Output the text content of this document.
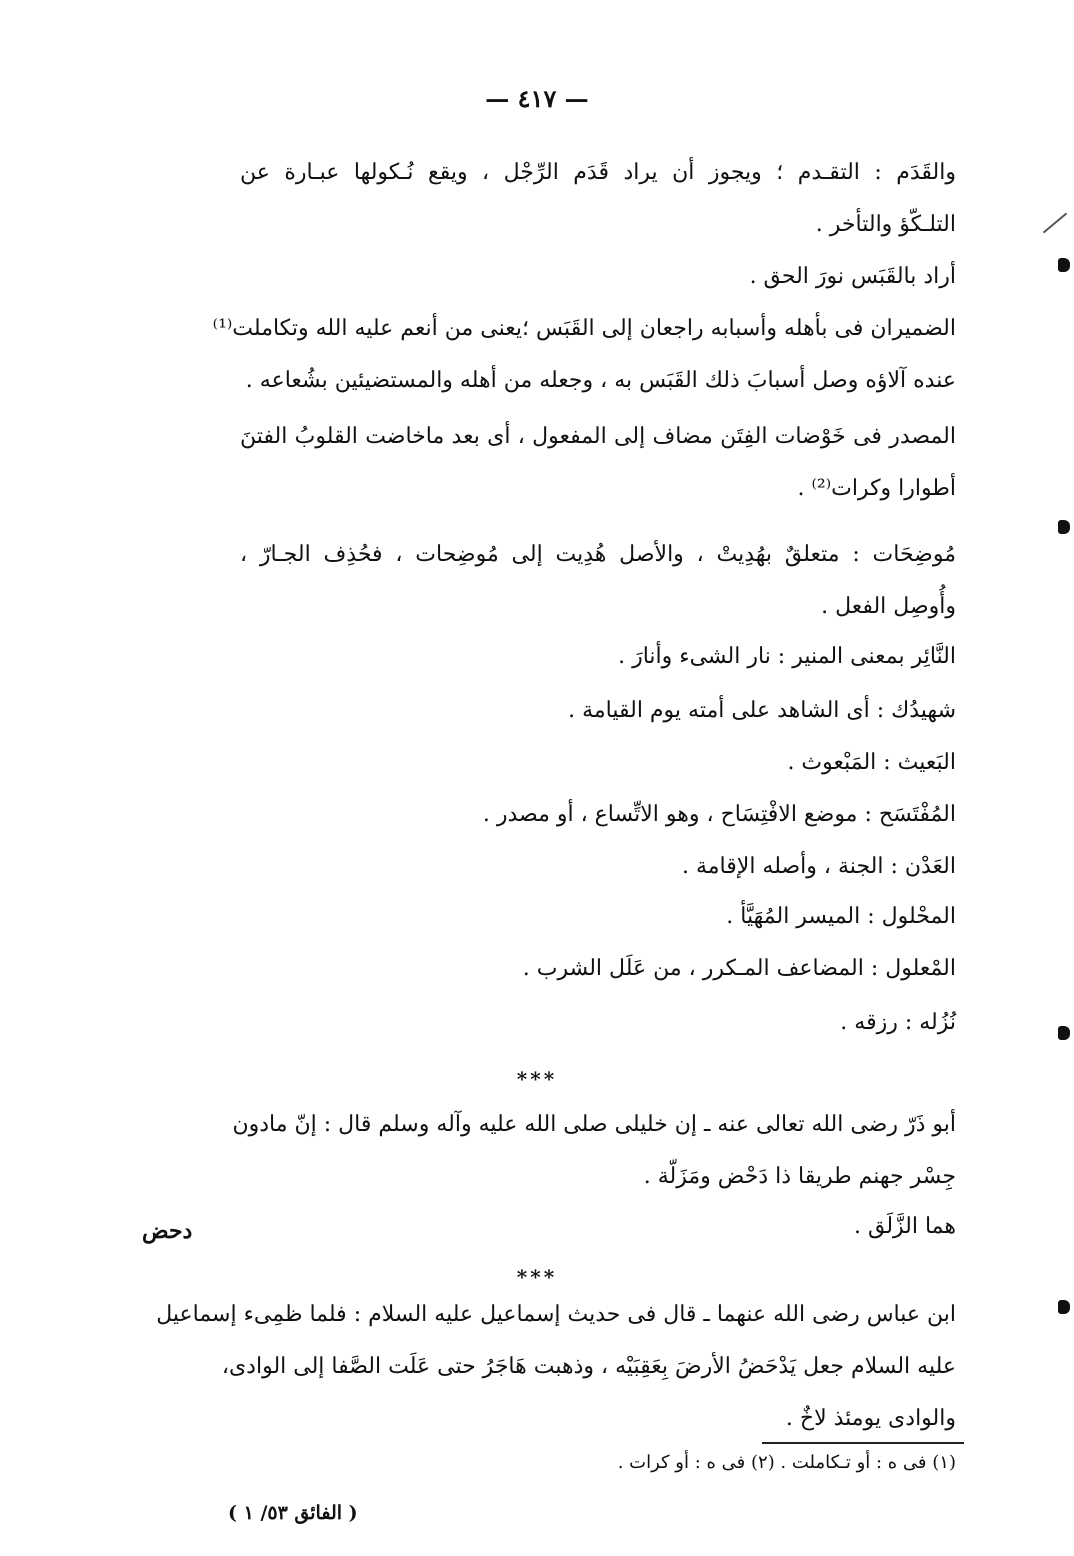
— ٤١٧ —
والقَدَم : التقـدم ؛ ويجوز أن يراد قَدَم الرِّجْل ، ويقع نُـكولها عبـارة عن
التلـكّؤ والتأخر .
أراد بالقَبَس نورَ الحق .
الضميران فى بأهله وأسبابه راجعان إلى القَبَس ؛يعنى من أنعم عليه الله وتكاملت⁽¹⁾
عنده آلاؤه وصل أسبابَ ذلك القَبَس به ، وجعله من أهله والمستضيئين بشُعاعه .
المصدر فى خَوْضات الفِتَن مضاف إلى المفعول ، أى بعد ماخاضت القلوبُ الفتنَ
أطوارا وكرات⁽²⁾ .
مُوضِحَات : متعلقٌ بهُدِيتْ ، والأصل هُدِيت إلى مُوضِحات ، فحُذِف الجـارّ ،
وأُوصِل الفعل .
النَّائِر بمعنى المنير : نار الشىء وأنارَ .
شهيدُك : أى الشاهد على أمته يوم القيامة .
البَعيث : المَبْعوث .
المُفْتَسَح : موضع الافْتِسَاح ، وهو الاتِّساع ، أو مصدر .
العَدْن : الجنة ، وأصله الإقامة .
المحْلول : الميسر المُهَيَّأ .
المْعلول : المضاعف المـكرر ، من عَلَل الشرب .
نُزُله : رزقه .
***
أبو ذَرّ رضى الله تعالى عنه ـ إن خليلى صلى الله عليه وآله وسلم قال : إنّ مادون
جِسْر جهنم طريقا ذا دَحْض ومَزَلّة .
هما الزَّلَق .
دحض
***
ابن عباس رضى الله عنهما ـ قال فى حديث إسماعيل عليه السلام : فلما ظمِىء إسماعيل
عليه السلام جعل يَدْحَضُ الأرضَ بِعَقِبَيْه ، وذهبت هَاجَرُ حتى عَلَت الصَّفا إلى الوادى،
والوادى يومئذ لاخٌ .
(١) فى ه : أو تـكاملت . (٢) فى ه : أو كرات .
( الفائق ٥٣/ ١ )
